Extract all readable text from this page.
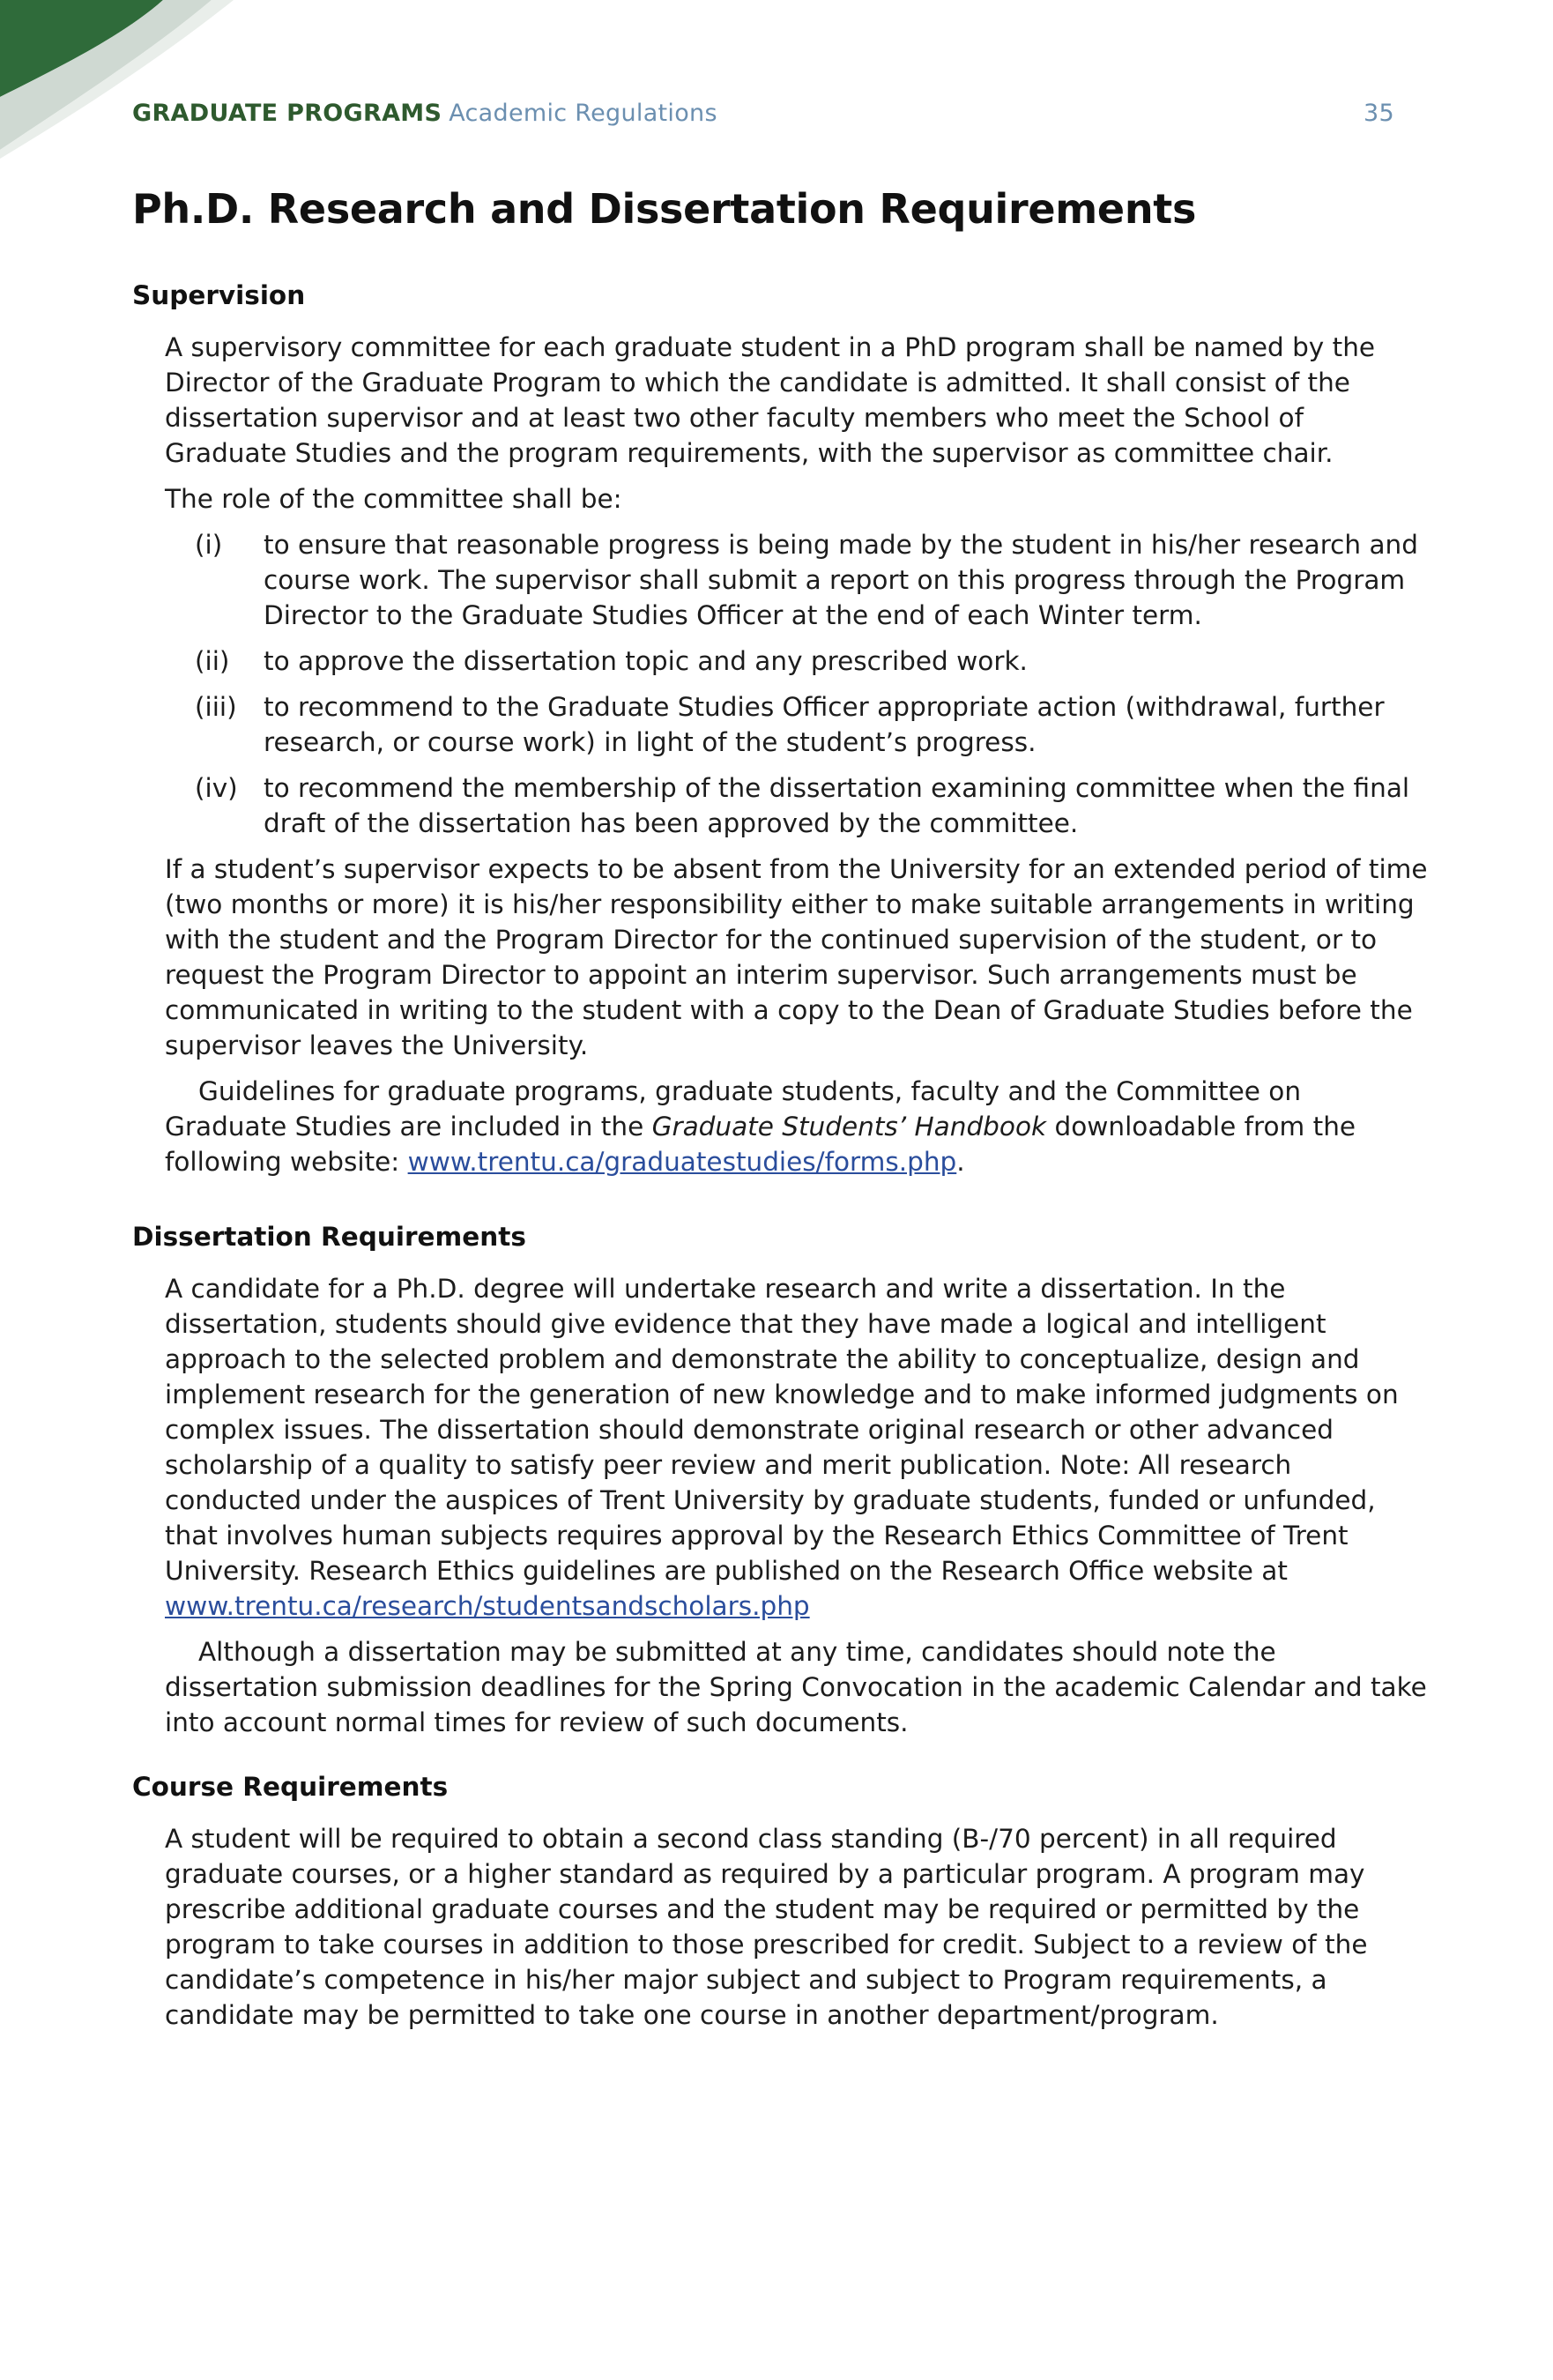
GRADUATE PROGRAMS Academic Regulations	35
Ph.D. Research and Dissertation Requirements
Supervision

A supervisory committee for each graduate student in a PhD program shall be named by the Director of the Graduate Program to which the candidate is admitted. It shall consist of the dissertation supervisor and at least two other faculty members who meet the School of Graduate Studies and the program requirements, with the supervisor as committee chair.

The role of the committee shall be:

(i)	to ensure that reasonable progress is being made by the student in his/her research and course work. The supervisor shall submit a report on this progress through the Program Director to the Graduate Studies Officer at the end of each Winter term.
(ii)	to approve the dissertation topic and any prescribed work.
(iii)	to recommend to the Graduate Studies Officer appropriate action (withdrawal, further research, or course work) in light of the student’s progress.
(iv) to recommend the membership of the dissertation examining committee when the final draft of the dissertation has been approved by the committee.

If a student’s supervisor expects to be absent from the University for an extended period of time (two months or more) it is his/her responsibility either to make suitable arrangements in writing with the student and the Program Director for the continued supervision of the student, or to request the Program Director to appoint an interim supervisor. Such arrangements must be communicated in writing to the student with a copy to the Dean of Graduate Studies before the supervisor leaves the University.

Guidelines for graduate programs, graduate students, faculty and the Committee on Graduate Studies are included in the Graduate Students’ Handbook downloadable from the following website: www.trentu.ca/graduatestudies/forms.php.

Dissertation Requirements

A candidate for a Ph.D. degree will undertake research and write a dissertation. In the dissertation, students should give evidence that they have made a logical and intelligent approach to the selected problem and demonstrate the ability to conceptualize, design and implement research for the generation of new knowledge and to make informed judgments on complex issues. The dissertation should demonstrate original research or other advanced scholarship of a quality to satisfy peer review and merit publication. Note: All research conducted under the auspices of Trent University by graduate students, funded or unfunded, that involves human subjects requires approval by the Research Ethics Committee of Trent University. Research Ethics guidelines are published on the Research Office website at www.trentu.ca/research/studentsandscholars.php

Although a dissertation may be submitted at any time, candidates should note the dissertation submission deadlines for the Spring Convocation in the academic Calendar and take into account normal times for review of such documents.

Course Requirements

A student will be required to obtain a second class standing (B-/70 percent) in all required graduate courses, or a higher standard as required by a particular program. A program may prescribe additional graduate courses and the student may be required or permitted by the program to take courses in addition to those prescribed for credit. Subject to a review of the candidate’s competence in his/her major subject and subject to Program requirements, a candidate may be permitted to take one course in another department/program.
